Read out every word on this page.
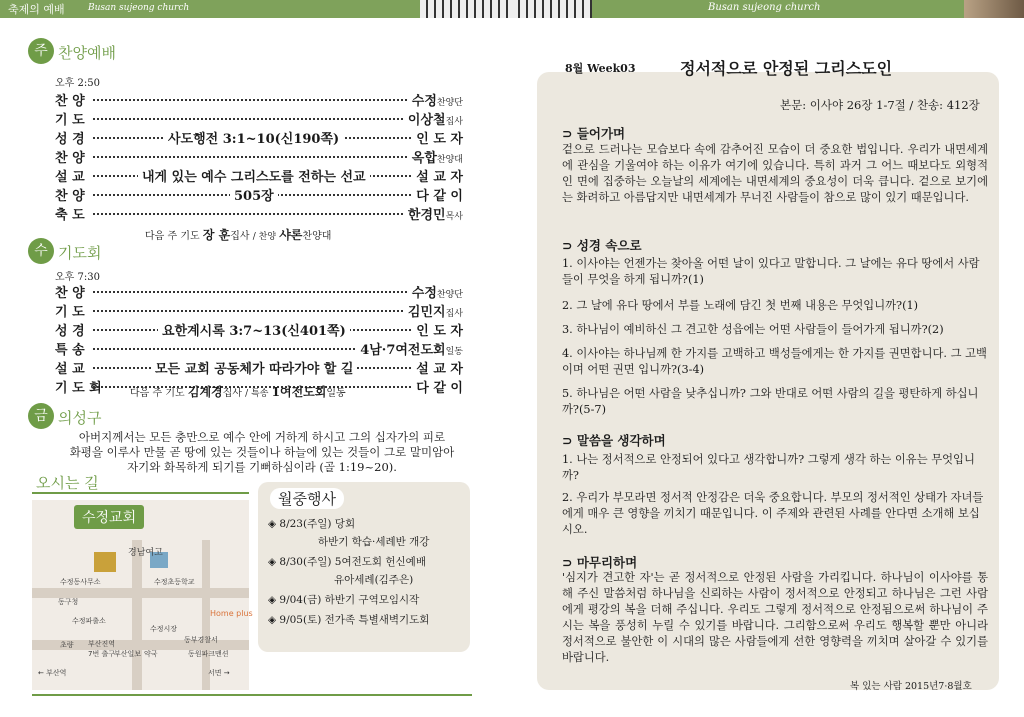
축제의 예배	Busan sujeong church	Busan sujeong church
주일
찬양예배
오후 2:50
찬 양	수정찬양단
기 도	이상철집사
성 경	사도행전 3:1~10(신190쪽)	인 도 자
찬 양	옥합찬양대
설 교	내게 있는 예수 그리스도를 전하는 선교	설 교 자
찬 양	505장	다 같 이
축 도	한경민목사
다음 주 기도 장 훈집사 / 찬양 샤론찬양대
수요
기도회
오후 7:30
찬 양	수정찬양단
기 도	김민지집사
성 경	요한계시록 3:7~13(신401쪽)	인 도 자
특 송	4남·7여전도회일동
설 교	모든 교회 공동체가 따라가야 할 길	설 교 자
기 도 회	다 같 이
다음 주 기도 김계경집사 / 특송 1여전도회일동
금주
의성구
아버지께서는 모든 충만으로 예수 안에 거하게 하시고 그의 십자가의 피로
화평을 이루사 만물 곧 땅에 있는 것들이나 하늘에 있는 것들이 그로 말미암아
자기와 화목하게 되기를 기뻐하심이라 (골 1:19~20).
오시는 길
수정교회
경남여고
수정동사무소	수정초등학교
동구청
수정파출소
수정시장
Home plus
동부경찰서
부산진역
7번 출구 부산일보 약국	동원파크맨션
초량
← 부산역	서면 →
월중행사
◈ 8/23(주일) 당회
하반기 학습·세례반 개강
◈ 8/30(주일) 5여전도회 헌신예배
유아세례(김주은)
◈ 9/04(금) 하반기 구역모임시작
◈ 9/05(토) 전가족 특별새벽기도회
8월 Week03	정서적으로 안정된 그리스도인
본문: 이사야 26장 1-7절 / 찬송: 412장
⊃ 들어가며
겉으로 드러나는 모습보다 속에 감추어진 모습이 더 중요한 법입니다. 우리가 내면세계에 관심을 기울여야 하는 이유가 여기에 있습니다. 특히 과거 그 어느 때보다도 외형적인 면에 집중하는 오늘날의 세계에는 내면세계의 중요성이 더욱 큽니다. 겉으로 보기에는 화려하고 아름답지만 내면세계가 무너진 사람들이 참으로 많이 있기 때문입니다.
⊃ 성경 속으로
1. 이사야는 언젠가는 찾아올 어떤 날이 있다고 말합니다. 그 날에는 유다 땅에서 사람들이 무엇을 하게 됩니까?(1)
2. 그 날에 유다 땅에서 부를 노래에 담긴 첫 번째 내용은 무엇입니까?(1)
3. 하나님이 예비하신 그 견고한 성읍에는 어떤 사람들이 들어가게 됩니까?(2)
4. 이사야는 하나님께 한 가지를 고백하고 백성들에게는 한 가지를 권면합니다. 그 고백이며 어떤 권면 입니까?(3-4)
5. 하나님은 어떤 사람을 낮추십니까? 그와 반대로 어떤 사람의 길을 평탄하게 하십니까?(5-7)
⊃ 말씀을 생각하며
1. 나는 정서적으로 안정되어 있다고 생각합니까? 그렇게 생각 하는 이유는 무엇입니까?
2. 우리가 부모라면 정서적 안정감은 더욱 중요합니다. 부모의 정서적인 상태가 자녀들에게 매우 큰 영향을 끼치기 때문입니다. 이 주제와 관련된 사례를 안다면 소개해 보십시오.
⊃ 마무리하며
'심지가 견고한 자'는 곧 정서적으로 안정된 사람을 가리킵니다. 하나님이 이사야를 통해 주신 말씀처럼 하나님을 신뢰하는 사람이 정서적으로 안정되고 하나님은 그런 사람에게 평강의 복을 더해 주십니다. 우리도 그렇게 정서적으로 안정됨으로써 하나님이 주시는 복을 풍성히 누릴 수 있기를 바랍니다. 그리함으로써 우리도 행복할 뿐만 아니라 정서적으로 불안한 이 시대의 많은 사람들에게 선한 영향력을 끼치며 살아갈 수 있기를 바랍니다.
복 있는 사람 2015년7·8월호
